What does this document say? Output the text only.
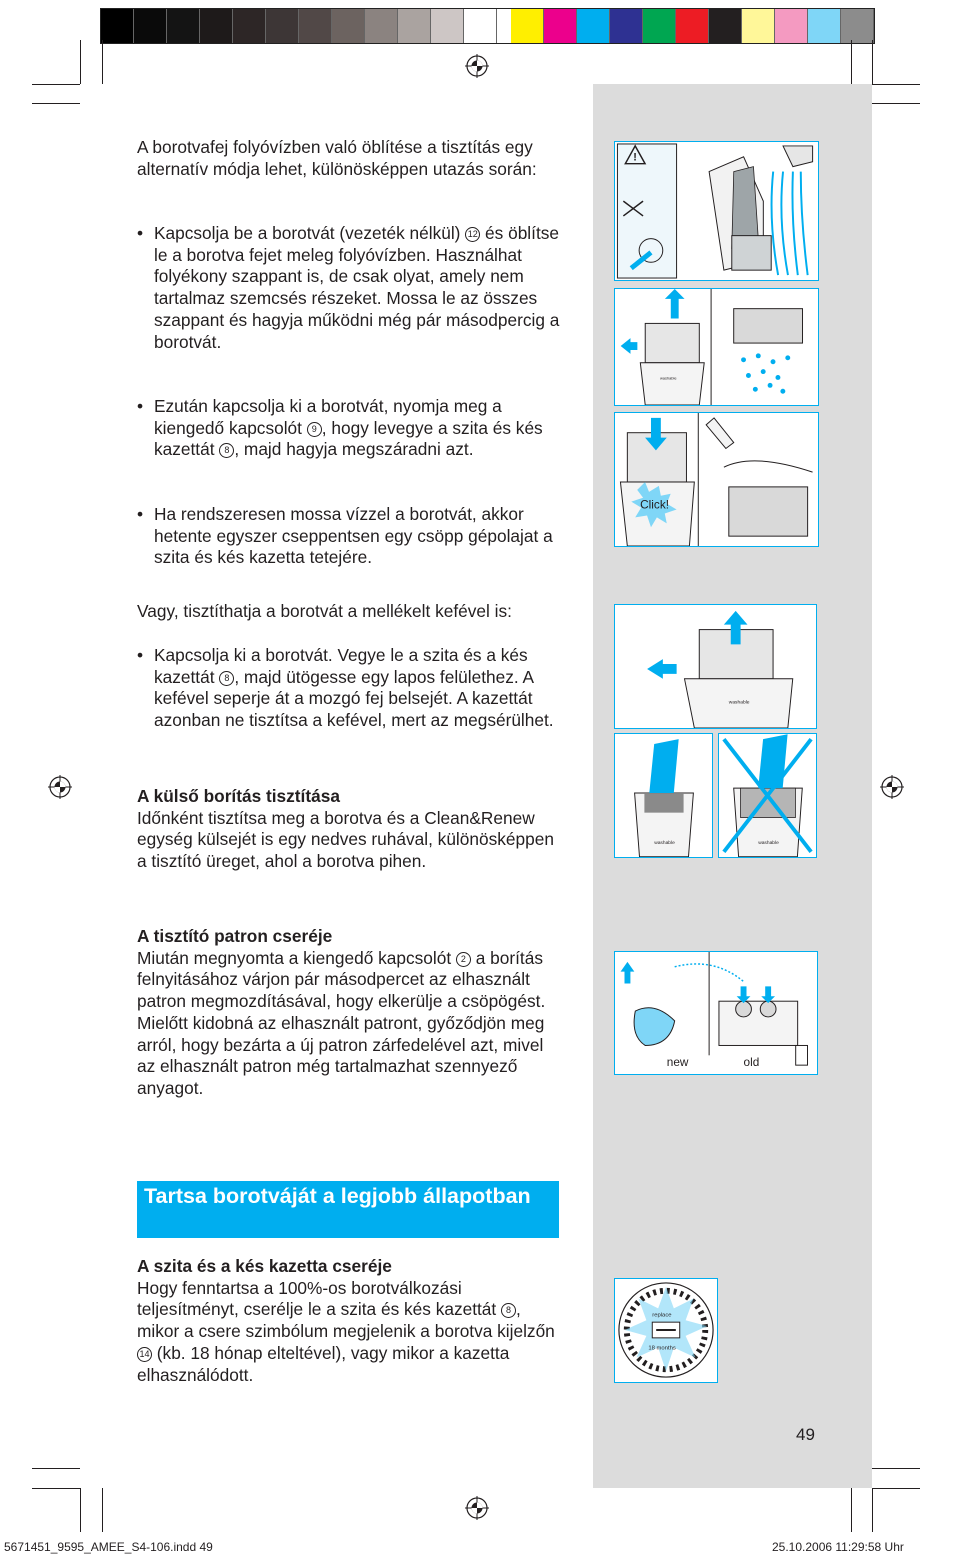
A borotvafej folyóvízben való öblítése a tisztítás egy alternatív módja lehet, különösképpen utazás során:

• Kapcsolja be a borotvát (vezeték nélkül) 12 és öblítse le a borotva fejet meleg folyóvízben. Használhat folyékony szappant is, de csak olyat, amely nem tartalmaz szemcsés részeket. Mossa le az összes szappant és hagyja működni még pár másodpercig a borotvát.

• Ezután kapcsolja ki a borotvát, nyomja meg a kiengedő kapcsolót 9 , hogy levegye a szita és kés kazettát 8 , majd hagyja megszáradni azt.

• Ha rendszeresen mossa vízzel a borotvát, akkor hetente egyszer cseppentsen egy csöpp gépolajat a szita és kés kazetta tetejére.

Vagy, tisztíthatja a borotvát a mellékelt kefével is:

• Kapcsolja ki a borotvát. Vegye le a szita és a kés kazettát 8 , majd ütögesse egy lapos felülethez. A kefével seperje át a mozgó fej belsejét. A kazettát azonban ne tisztítsa a kefével, mert az megsérülhet.

A külső borítás tisztítása

Időnként tisztítsa meg a borotva és a Clean&Renew egység külsejét is egy nedves ruhával, különösképpen a tisztító üreget, ahol a borotva pihen.

A tisztító patron cseréje

Miután megnyomta a kiengedő kapcsolót 2 a borítás felnyitásához várjon pár másodpercet az elhasznált patron megmozdításával, hogy elkerülje a csöpögést.

Mielőtt kidobná az elhasznált patront, győződjön meg arról, hogy bezárta a új patron zárfedelével azt, mivel az elhasznált patron még tartalmazhat szennyező anyagot.

Tartsa borotváját a legjobb állapotban

A szita és a kés kazetta cseréje

Hogy fenntartsa a 100%-os borotválkozási teljesítményt, cserélje le a szita és kés kazettát 8 , mikor a csere szimbólum megjelenik a borotva kijelzőn 14 (kb. 18 hónap elteltével), vagy mikor a kazetta elhasználódott.

!
washable
Click!
washable
washable	washable
new	old
replace
18 months
49
5671451_9595_AMEE_S4-106.indd 49	25.10.2006 11:29:58 Uhr
